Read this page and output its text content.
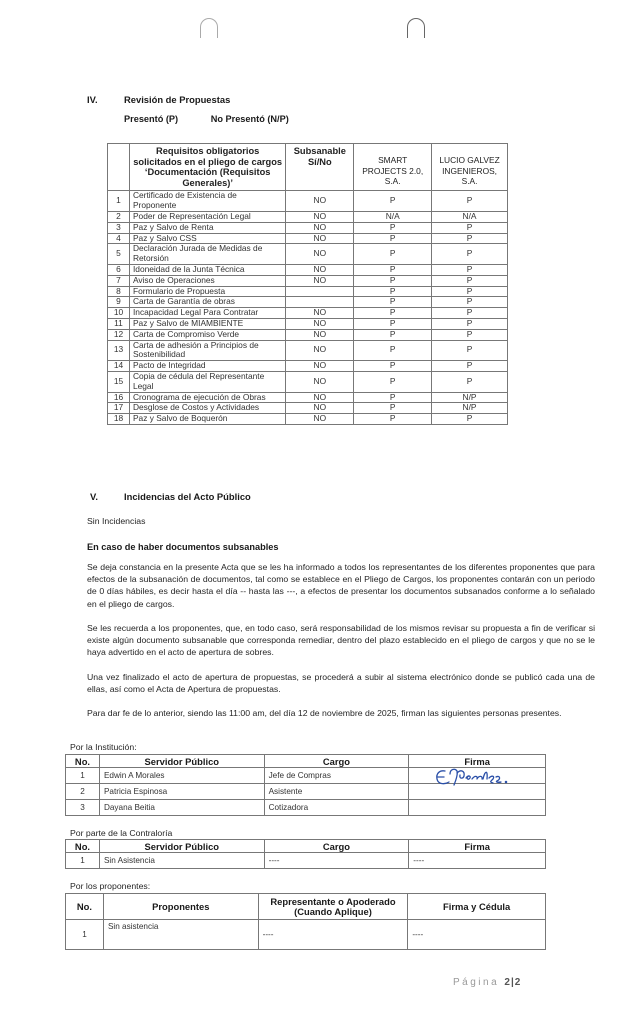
IV.	Revisión de Propuestas
Presentó (P)	No Presentó (N/P)

	Requisitos obligatorios solicitados en el pliego de cargos
‘Documentación (Requisitos Generales)’	Subsanable Sí/No	SMART PROJECTS 2.0, S.A.	LUCIO GALVEZ INGENIEROS, S.A.
1	Certificado de Existencia de Proponente	NO	P	P
2	Poder de Representación Legal	NO	N/A	N/A
3	Paz y Salvo de Renta	NO	P	P
4	Paz y Salvo CSS	NO	P	P
5	Declaración Jurada de Medidas de Retorsión	NO	P	P
6	Idoneidad de la Junta Técnica	NO	P	P
7	Aviso de Operaciones	NO	P	P
8	Formulario de Propuesta		P	P
9	Carta de Garantía de obras		P	P
10	Incapacidad Legal Para Contratar	NO	P	P
11	Paz y Salvo de MIAMBIENTE	NO	P	P
12	Carta de Compromiso Verde	NO	P	P
13	Carta de adhesión a Principios de Sostenibilidad	NO	P	P
14	Pacto de Integridad	NO	P	P
15	Copia de cédula del Representante Legal	NO	P	P
16	Cronograma de ejecución de Obras	NO	P	N/P
17	Desglose de Costos y Actividades	NO	P	N/P
18	Paz y Salvo de Boquerón	NO	P	P
V.	Incidencias del Acto Público
Sin Incidencias
En caso de haber documentos subsanables

Se deja constancia en la presente Acta que se les ha informado a todos los representantes de los diferentes proponentes que para efectos de la subsanación de documentos, tal como se establece en el Pliego de Cargos, los proponentes contarán con un periodo de 0 días hábiles, es decir hasta el día -- hasta las ---, a efectos de presentar los documentos subsanados conforme a lo señalado en el pliego de cargos.

Se les recuerda a los proponentes, que, en todo caso, será responsabilidad de los mismos revisar su propuesta a fin de verificar si existe algún documento subsanable que corresponda remediar, dentro del plazo establecido en el pliego de cargos y que no se le haya advertido en el acto de apertura de sobres.

Una vez finalizado el acto de apertura de propuestas, se procederá a subir al sistema electrónico donde se publicó cada una de ellas, así como el Acta de Apertura de propuestas.

Para dar fe de lo anterior, siendo las 11:00 am, del día 12 de noviembre de 2025, firman las siguientes personas presentes.

Por la Institución:
No.	Servidor Público	Cargo	Firma
1	Edwin A Morales	Jefe de Compras	
2	Patricia Espinosa	Asistente	
3	Dayana Beitia	Cotizadora	
Por parte de la Contraloría
No.	Servidor Público	Cargo	Firma
1	Sin Asistencia	----	----
Por los proponentes:
No.	Proponentes	Representante o Apoderado (Cuando Aplique)	Firma y Cédula
1	Sin asistencia	----	----
Página 2|2
